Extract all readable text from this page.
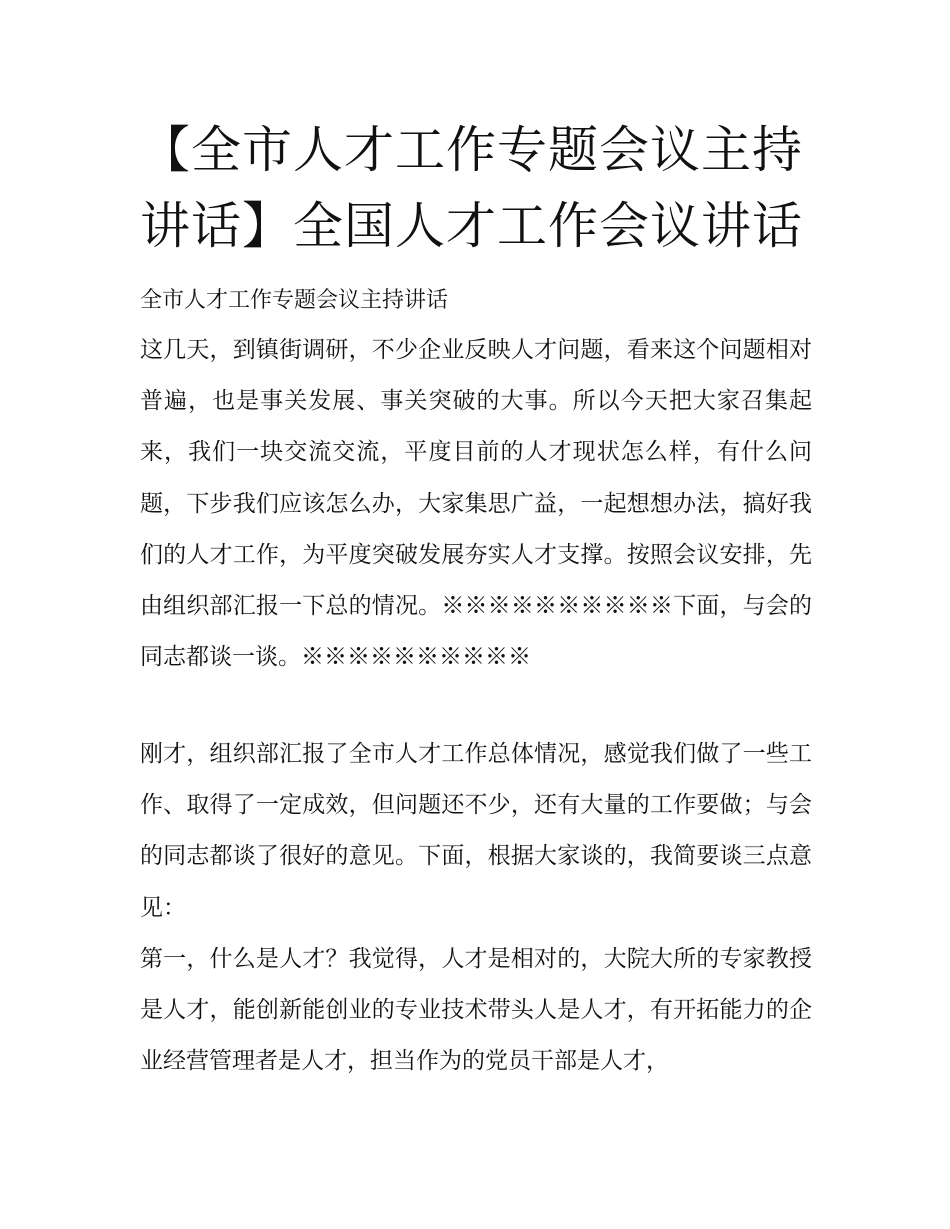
【全市人才工作专题会议主持讲话】全国人才工作会议讲话

全市人才工作专题会议主持讲话

这几天，到镇街调研，不少企业反映人才问题，看来这个问题相对普遍，也是事关发展、事关突破的大事。所以今天把大家召集起来，我们一块交流交流，平度目前的人才现状怎么样，有什么问题，下步我们应该怎么办，大家集思广益，一起想想办法，搞好我们的人才工作，为平度突破发展夯实人才支撑。按照会议安排，先由组织部汇报一下总的情况。※※※※※※※※※※下面，与会的同志都谈一谈。※※※※※※※※※※

刚才，组织部汇报了全市人才工作总体情况，感觉我们做了一些工作、取得了一定成效，但问题还不少，还有大量的工作要做；与会的同志都谈了很好的意见。下面，根据大家谈的，我简要谈三点意见：

第一，什么是人才？我觉得，人才是相对的，大院大所的专家教授是人才，能创新能创业的专业技术带头人是人才，有开拓能力的企业经营管理者是人才，担当作为的党员干部是人才，
